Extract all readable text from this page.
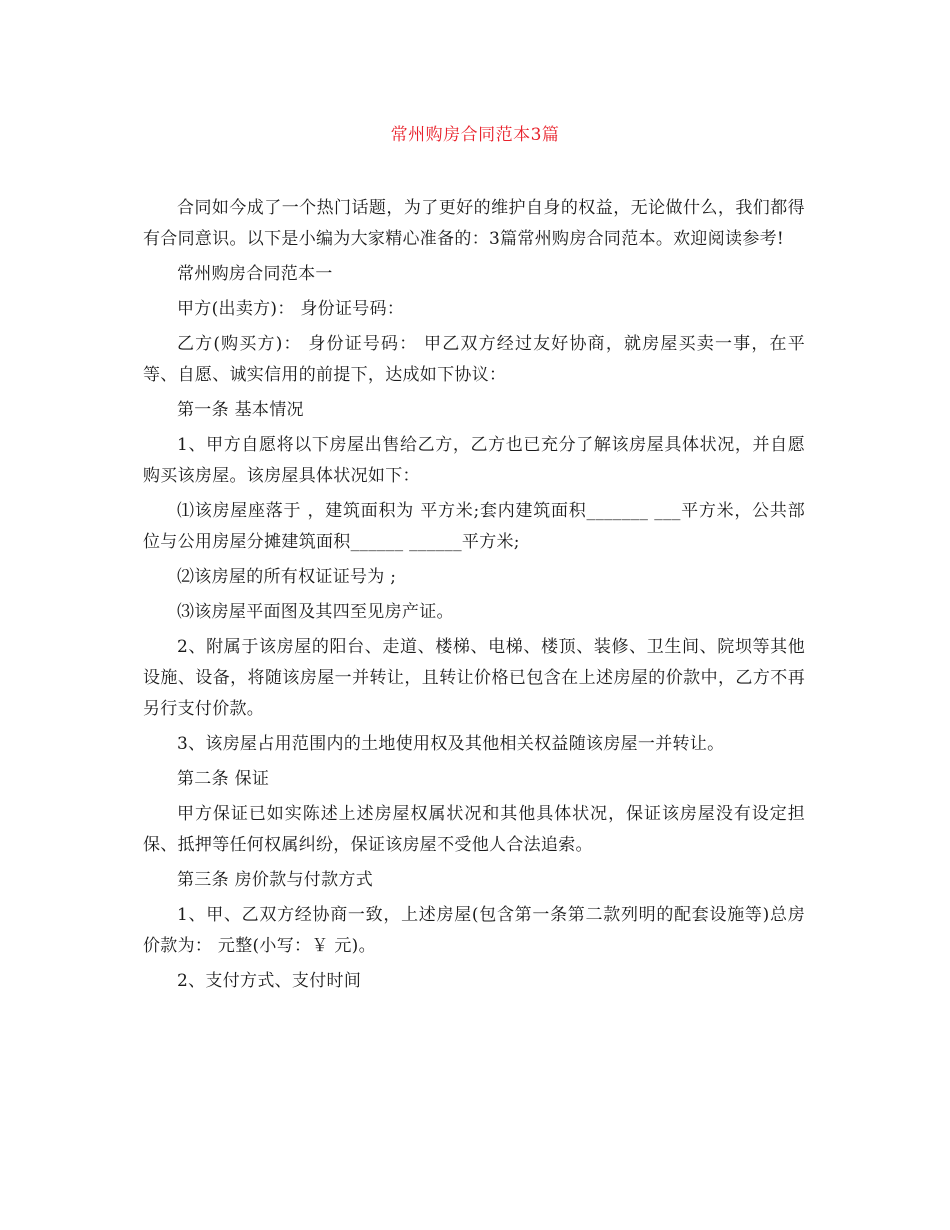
常州购房合同范本3篇

合同如今成了一个热门话题，为了更好的维护自身的权益，无论做什么，我们都得有合同意识。以下是小编为大家精心准备的：3篇常州购房合同范本。欢迎阅读参考!

常州购房合同范本一

甲方(出卖方)： 身份证号码：

乙方(购买方)： 身份证号码： 甲乙双方经过友好协商，就房屋买卖一事，在平等、自愿、诚实信用的前提下，达成如下协议：

第一条 基本情况

1、甲方自愿将以下房屋出售给乙方，乙方也已充分了解该房屋具体状况，并自愿购买该房屋。该房屋具体状况如下：

⑴该房屋座落于 ，建筑面积为 平方米;套内建筑面积_______ ___平方米，公共部位与公用房屋分摊建筑面积______ ______平方米;

⑵该房屋的所有权证证号为 ;

⑶该房屋平面图及其四至见房产证。

2、附属于该房屋的阳台、走道、楼梯、电梯、楼顶、装修、卫生间、院坝等其他设施、设备，将随该房屋一并转让，且转让价格已包含在上述房屋的价款中，乙方不再另行支付价款。

3、该房屋占用范围内的土地使用权及其他相关权益随该房屋一并转让。

第二条 保证

甲方保证已如实陈述上述房屋权属状况和其他具体状况，保证该房屋没有设定担保、抵押等任何权属纠纷，保证该房屋不受他人合法追索。

第三条 房价款与付款方式

1、甲、乙双方经协商一致，上述房屋(包含第一条第二款列明的配套设施等)总房价款为： 元整(小写：￥ 元)。

2、支付方式、支付时间
